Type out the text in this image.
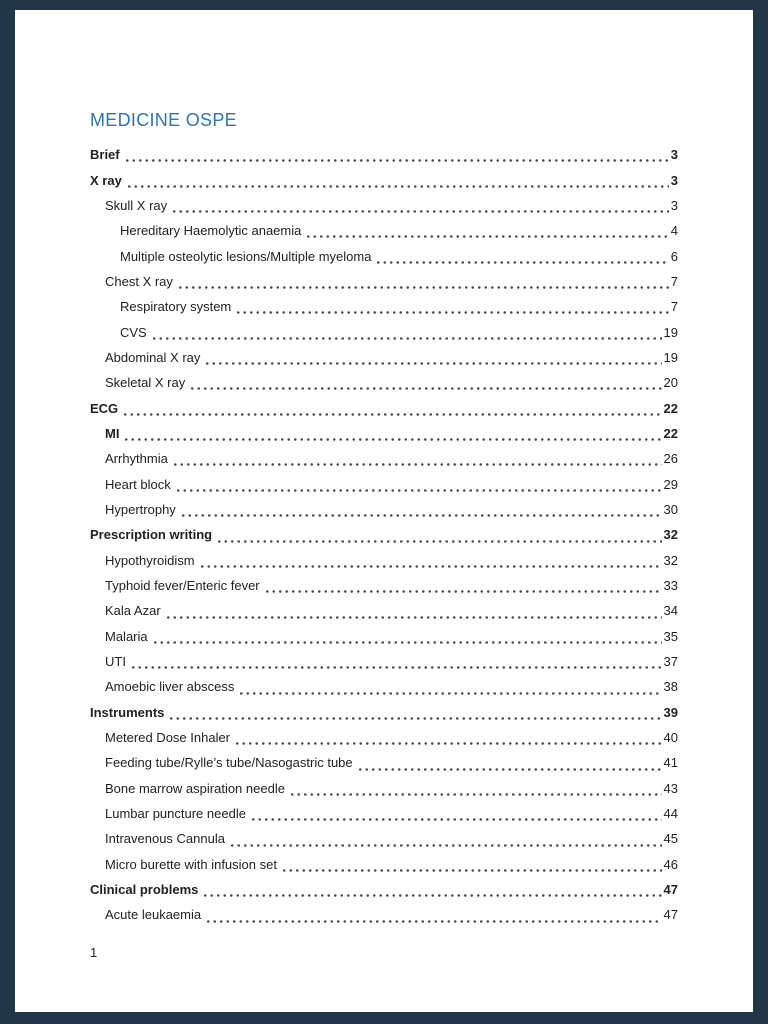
MEDICINE OSPE
Brief	3
X ray	3
Skull X ray	3
Hereditary Haemolytic anaemia	4
Multiple osteolytic lesions/Multiple myeloma	6
Chest X ray	7
Respiratory system	7
CVS	19
Abdominal X ray	19
Skeletal X ray	20
ECG	22
MI	22
Arrhythmia	26
Heart block	29
Hypertrophy	30
Prescription writing	32
Hypothyroidism	32
Typhoid fever/Enteric fever	33
Kala Azar	34
Malaria	35
UTI	37
Amoebic liver abscess	38
Instruments	39
Metered Dose Inhaler	40
Feeding tube/Rylle’s tube/Nasogastric tube	41
Bone marrow aspiration needle	43
Lumbar puncture needle	44
Intravenous Cannula	45
Micro burette with infusion set	46
Clinical problems	47
Acute leukaemia	47
1
